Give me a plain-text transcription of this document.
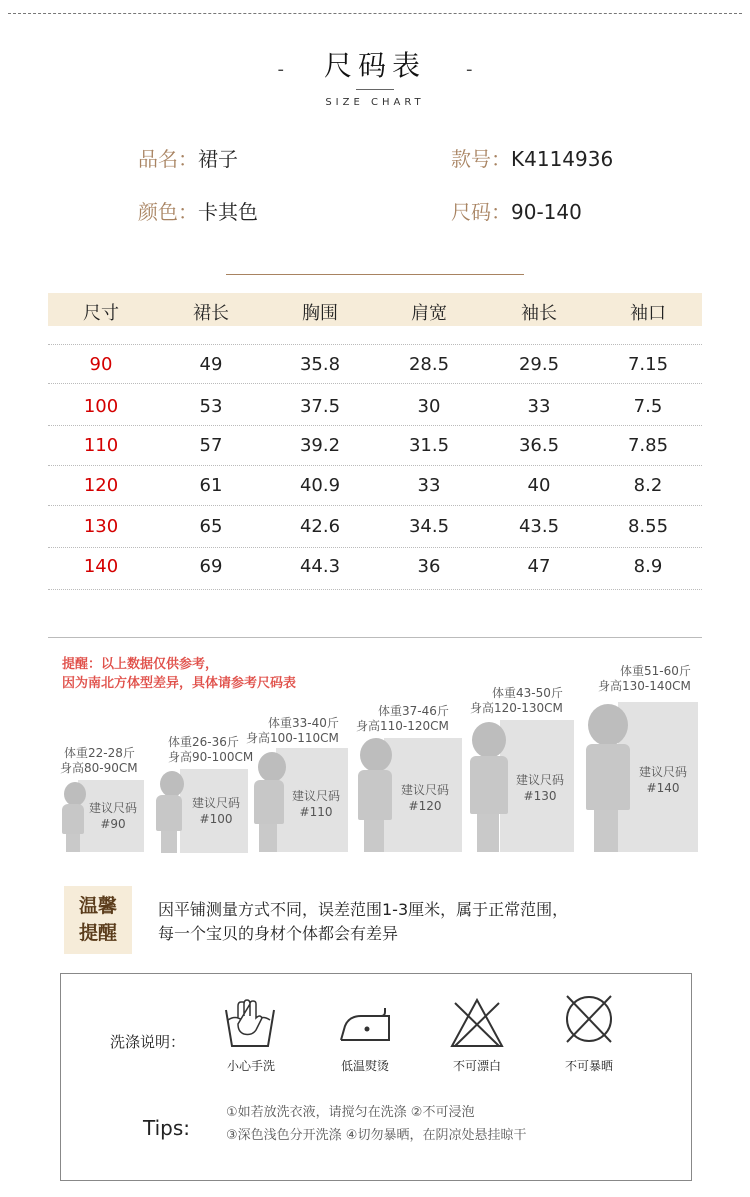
- 尺码表 -
SIZE CHART
品名：裙子	款号：K4114936
颜色：卡其色	尺码：90-140
尺寸	裙长	胸围	肩宽	袖长	袖口
90	49	35.8	28.5	29.5	7.15
100	53	37.5	30	33	7.5
110	57	39.2	31.5	36.5	7.85
120	61	40.9	33	40	8.2
130	65	42.6	34.5	43.5	8.55
140	69	44.3	36	47	8.9
提醒：以上数据仅供参考，
因为南北方体型差异，具体请参考尺码表
体重22-28斤
身高80-90CM
建议尺码
#90
体重26-36斤
身高90-100CM
建议尺码
#100
体重33-40斤
身高100-110CM
建议尺码
#110
体重37-46斤
身高110-120CM
建议尺码
#120
体重43-50斤
身高120-130CM
建议尺码
#130
体重51-60斤
身高130-140CM
建议尺码
#140
温馨
提醒
因平铺测量方式不同，误差范围1-3厘米，属于正常范围，
每一个宝贝的身材个体都会有差异
洗涤说明：
小心手洗	低温熨烫	不可漂白	不可暴晒
Tips:
①如若放洗衣液，请搅匀在洗涤 ②不可浸泡
③深色浅色分开洗涤 ④切勿暴晒，在阴凉处悬挂晾干
